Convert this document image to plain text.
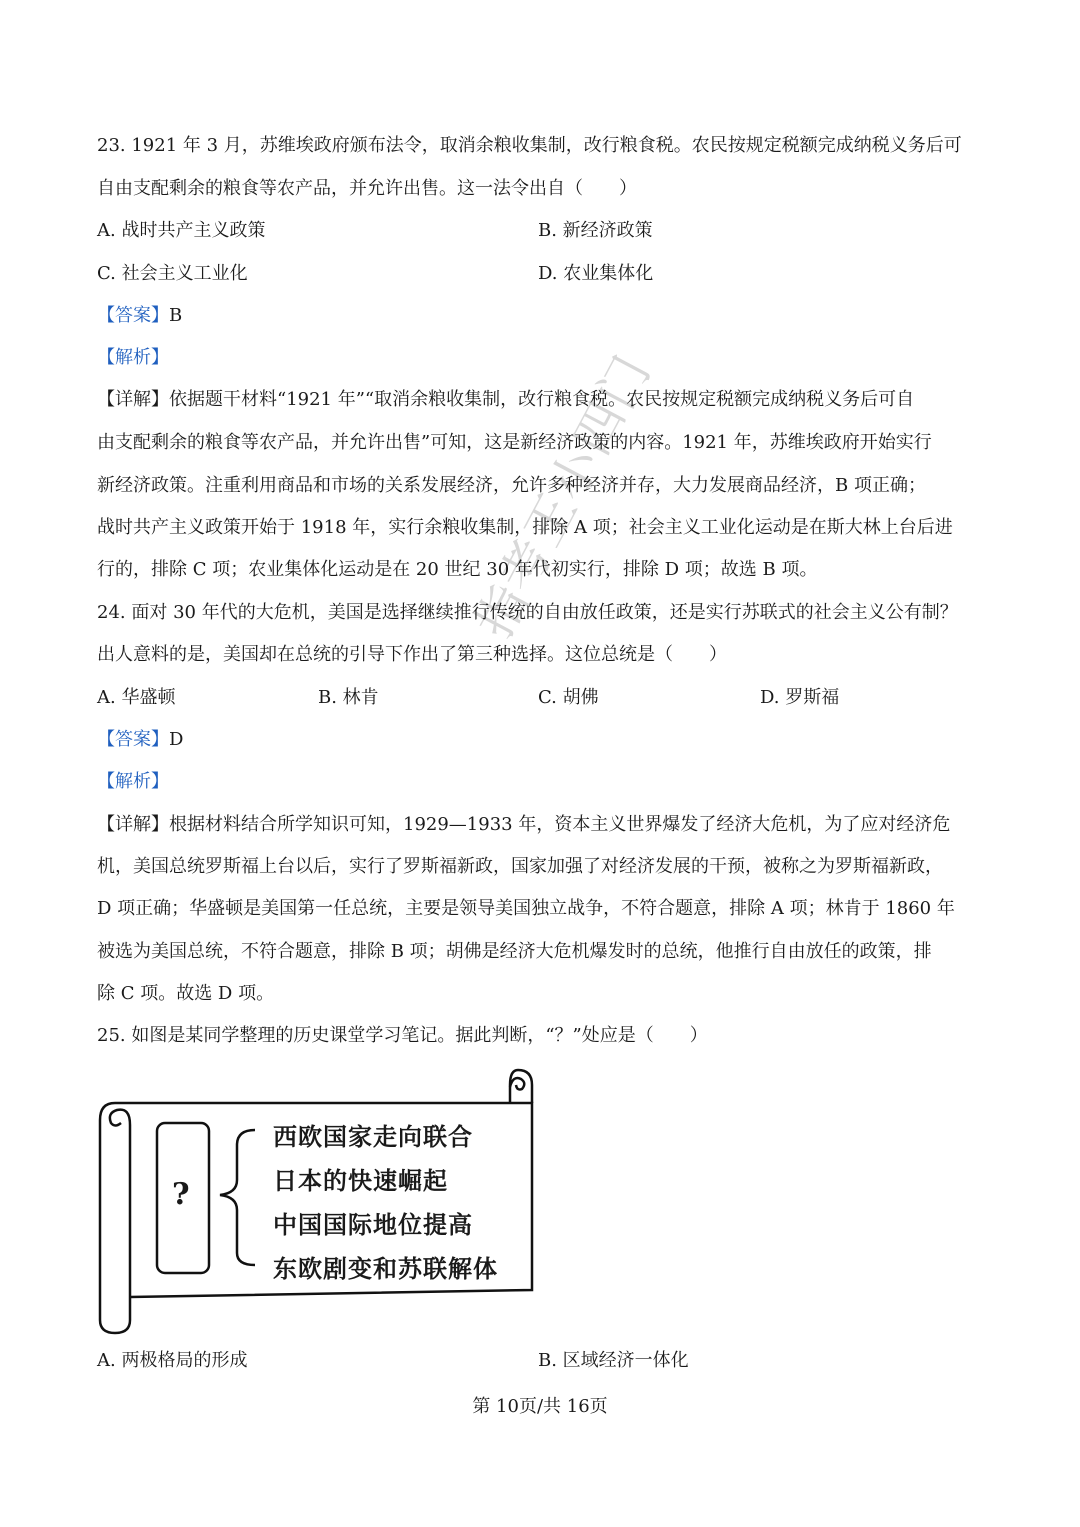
指考王小四门
23. 1921 年 3 月，苏维埃政府颁布法令，取消余粮收集制，改行粮食税。农民按规定税额完成纳税义务后可
自由支配剩余的粮食等农产品，并允许出售。这一法令出自（　　）
A. 战时共产主义政策	B. 新经济政策
C. 社会主义工业化	D. 农业集体化
【答案】B
【解析】
【详解】依据题干材料“1921 年”“取消余粮收集制，改行粮食税。农民按规定税额完成纳税义务后可自
由支配剩余的粮食等农产品，并允许出售”可知，这是新经济政策的内容。1921 年，苏维埃政府开始实行
新经济政策。注重利用商品和市场的关系发展经济，允许多种经济并存，大力发展商品经济，B 项正确；
战时共产主义政策开始于 1918 年，实行余粮收集制，排除 A 项；社会主义工业化运动是在斯大林上台后进
行的，排除 C 项；农业集体化运动是在 20 世纪 30 年代初实行，排除 D 项；故选 B 项。
24. 面对 30 年代的大危机，美国是选择继续推行传统的自由放任政策，还是实行苏联式的社会主义公有制？
出人意料的是，美国却在总统的引导下作出了第三种选择。这位总统是（　　）
A. 华盛顿	B. 林肯	C. 胡佛	D. 罗斯福
【答案】D
【解析】
【详解】根据材料结合所学知识可知，1929—1933 年，资本主义世界爆发了经济大危机，为了应对经济危
机，美国总统罗斯福上台以后，实行了罗斯福新政，国家加强了对经济发展的干预，被称之为罗斯福新政，
D 项正确；华盛顿是美国第一任总统，主要是领导美国独立战争，不符合题意，排除 A 项；林肯于 1860 年
被选为美国总统，不符合题意，排除 B 项；胡佛是经济大危机爆发时的总统，他推行自由放任的政策，排
除 C 项。故选 D 项。
25. 如图是某同学整理的历史课堂学习笔记。据此判断，“？”处应是（　　）
?
西欧国家走向联合
日本的快速崛起
中国国际地位提高
东欧剧变和苏联解体
A. 两极格局的形成	B. 区域经济一体化
第 10页/共 16页
